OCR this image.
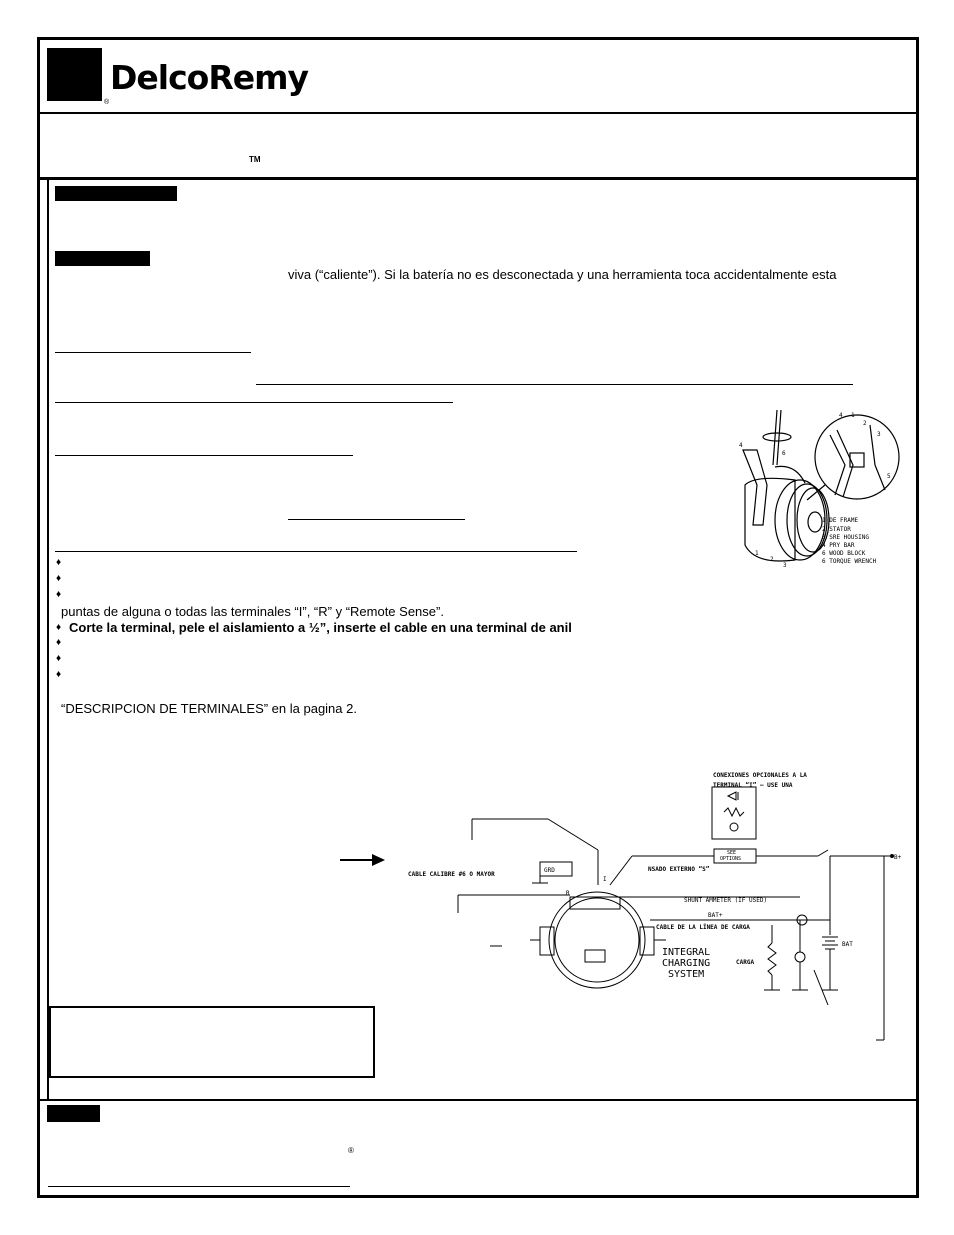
DelcoRemy
®
TM
viva (“caliente”). Si la batería no es desconectada y una herramienta toca accidentalmente esta
♦
♦
♦
puntas de alguna o todas las terminales “I”, “R” y “Remote Sense”.
♦ Corte la terminal, pele el aislamiento a ½”, inserte el cable en una terminal de anil
♦
♦
♦
“DESCRIPCION DE TERMINALES” en la pagina 2.
®
4 1
2
3
5
4
6
1
2
3
1 DE FRAME
2 STATOR
3 SRE HOUSING
4 PRY BAR
6 WOOD BLOCK
6 TORQUE WRENCH
CONEXIONES OPCIONALES A LA
TERMINAL “I” – USE UNA
SEE
OPTIONS
CABLE CALIBRE #6 O MAYOR
GRD	NSADO EXTERNO “S”
SHUNT AMMETER (IF USED)
BAT+
CABLE DE LA LÍNEA DE CARGA
BAT
CARGA
INTEGRAL
CHARGING
SYSTEM
B+
R
I
